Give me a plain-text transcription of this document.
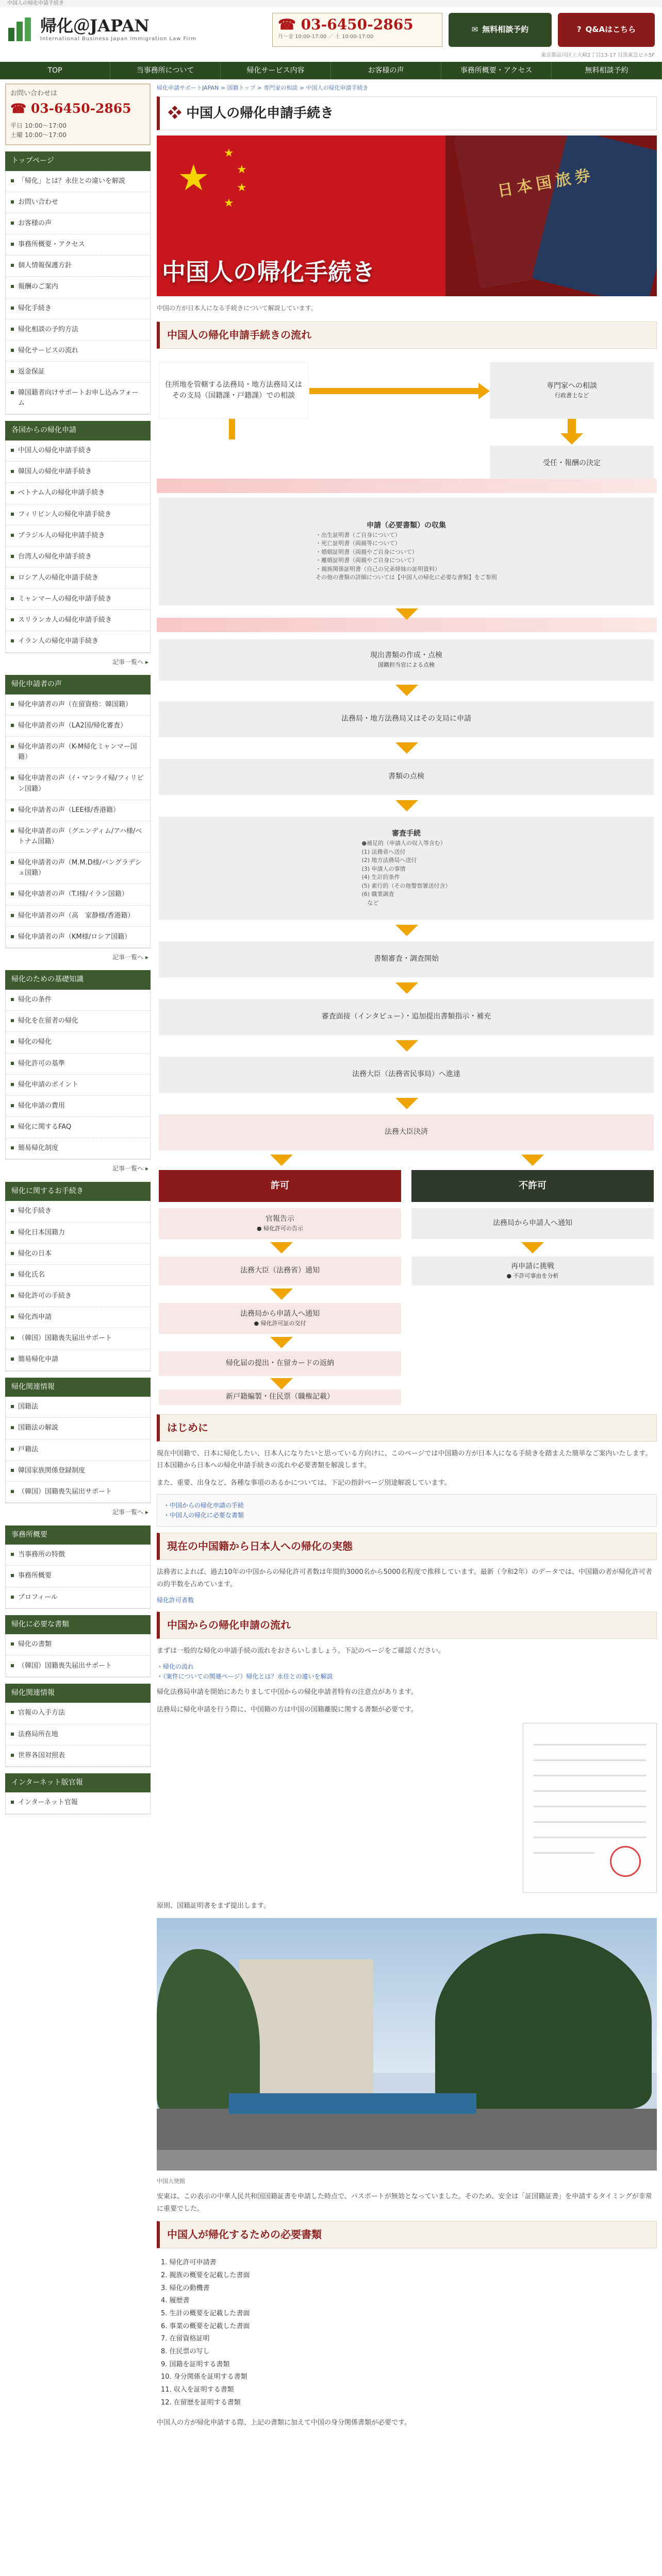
中国人の帰化申請手続き
帰化＠JAPAN
International Business Japan Immigration Law Firm
☎ 03-6450-2865
月〜金 10:00-17:00 ／ 土 10:00-17:00
✉ 無料相談予約	? Q&Aはこちら
東京都品川区上大崎2丁目13-17 目黒東急ビル5F
TOP	当事務所について	帰化サービス内容	お客様の声	事務所概要・アクセス	無料相談予約
お問い合わせは
☎ 03-6450-2865
平日 10:00〜17:00
土曜 10:00〜17:00
トップページ
「帰化」とは？永住との違いを解説
お問い合わせ
お客様の声
事務所概要・アクセス
個人情報保護方針
報酬のご案内
帰化手続き
帰化相談の予約方法
帰化サービスの流れ
返金保証
韓国籍者向けサポートお申し込みフォーム
各国からの帰化申請
中国人の帰化申請手続き
韓国人の帰化申請手続き
ベトナム人の帰化申請手続き
フィリピン人の帰化申請手続き
ブラジル人の帰化申請手続き
台湾人の帰化申請手続き
ロシア人の帰化申請手続き
ミャンマー人の帰化申請手続き
スリランカ人の帰化申請手続き
イラン人の帰化申請手続き
記事一覧へ ▸
帰化申請者の声
帰化申請者の声（在留資格：韓国籍）
帰化申請者の声（LA2国/帰化審査）
帰化申請者の声（K-M帰化ミャンマー国籍）
帰化申請者の声（ｲ・マンライ帰/フィリピン国籍）
帰化申請者の声（LEE様/香港籍）
帰化申請者の声（グエンディム/アハ様/ベトナム国籍）
帰化申請者の声（M.M.D様/バングラデシュ国籍）
帰化申請者の声（T.I様/イラン国籍）
帰化申請者の声（高　家静様/香港籍）
帰化申請者の声（KM様/ロシア国籍）
記事一覧へ ▸
帰化のための基礎知識
帰化の条件
帰化を在留者の帰化
帰化の帰化
帰化許可の基準
帰化申請のポイント
帰化申請の費用
帰化に関するFAQ
簡易帰化制度
記事一覧へ ▸
帰化に関するお手続き
帰化手続き
帰化日本国籍力
帰化の日本
帰化氏名
帰化許可の手続き
帰化西申請
（韓国）国籍喪失届出サポート
簡易帰化申請
帰化関連情報
国籍法
国籍法の解説
戸籍法
韓国家族関係登録制度
（韓国）国籍喪失届出サポート
記事一覧へ ▸
事務所概要
当事務所の特徴
事務所概要
プロフィール
帰化に必要な書類
帰化の書類
（韓国）国籍喪失届出サポート
帰化関連情報
官報の入手方法
法務局所在地
世界各国対照表
インターネット版官報
インターネット官報
帰化申請サポートJAPAN > 国籍トップ > 専門家の相談 > 中国人の帰化申請手続き
❖ 中国人の帰化申請手続き
★
★
★
★
★
日本国旅券
中国人の帰化手続き
中国の方が日本人になる手続きについて解説しています。
中国人の帰化申請手続きの流れ
住所地を管轄する法務局・地方法務局又はその支局（国籍課・戸籍課）での相談
専門家への相談
行政書士など
受任・報酬の決定
申請（必要書類）の収集
・出生証明書（ご自身について）
・死亡証明書（両親等について）
・婚姻証明書（両親やご自身について）
・離婚証明書（両親やご自身について）
・親族関係証明書（自己の兄弟姉妹の証明資料）
その他の書類の詳細については【中国人の帰化に必要な書類】をご参照
現出書類の作成・点検
国籍担当官による点検
法務局・地方法務局又はその支局に申請
書類の点検
審査手続
●補足的（申請人の収入等含む）
(1) 法務省へ送付
(2) 地方法務局へ送付
(3) 申請人の事情
(4) 生計的条件
(5) 素行的（その他警察署送付含）
(6) 職業調査
　など
書類審査・調査開始
審査面接（インタビュー）・追加提出書類指示・補充
法務大臣（法務省民事局）へ進達
法務大臣決済
許可	不許可
官報告示
● 帰化許可の告示
法務局から申請人へ通知
法務大臣（法務省）通知
再申請に挑戦
● 不許可事由を分析
法務局から申請人へ通知
● 帰化許可証の交付
帰化届の提出・在留カードの返納
新戸籍編製・住民票（職権記載）
はじめに

現在中国籍で、日本に帰化したい、日本人になりたいと思っている方向けに、このページでは中国籍の方が日本人になる手続きを踏まえた簡単なご案内いたします。日本国籍から日本への帰化申請手続きの流れや必要書類を解説します。

また、重要、出身など、各種な事項のあるかについては、下記の指針ページ別途解説しています。

・中国からの帰化申請の手続
・中国人の帰化に必要な書類
現在の中国籍から日本人への帰化の実態

法務省によれば、過去10年の中国からの帰化許可者数は年間約3000名から5000名程度で推移しています。最新（令和2年）のデータでは、中国籍の者が帰化許可者の約半数を占めています。

帰化許可者数
中国からの帰化申請の流れ

まずは一般的な帰化の申請手続の流れをおさらいしましょう。下記のページをご確認ください。

・帰化の流れ
・（案件についての関連ページ）帰化とは？永住との違いを解説

帰化法務局申請を開始にあたりまして中国からの帰化申請者特有の注意点があります。

法務局に帰化申請を行う際に、中国籍の方は中国の国籍離脱に関する書類が必要です。

原則、国籍証明書をまず提出します。

中国大使館

安東は、この表示の中華人民共和国国籍証書を申請した時点で、パスポートが無効となっていました。そのため、安全は「証国籍証書」を申請するタイミングが非常に重要でした。

中国人が帰化するための必要書類
1. 帰化許可申請書
2. 親族の概要を記載した書面
3. 帰化の動機書
4. 履歴書
5. 生計の概要を記載した書面
6. 事業の概要を記載した書面
7. 在留資格証明
8. 住民票の写し
9. 国籍を証明する書類
10. 身分関係を証明する書類
11. 収入を証明する書類
12. 在留歴を証明する書類

中国人の方が帰化申請する際、上記の書類に加えて中国の身分関係書類が必要です。
